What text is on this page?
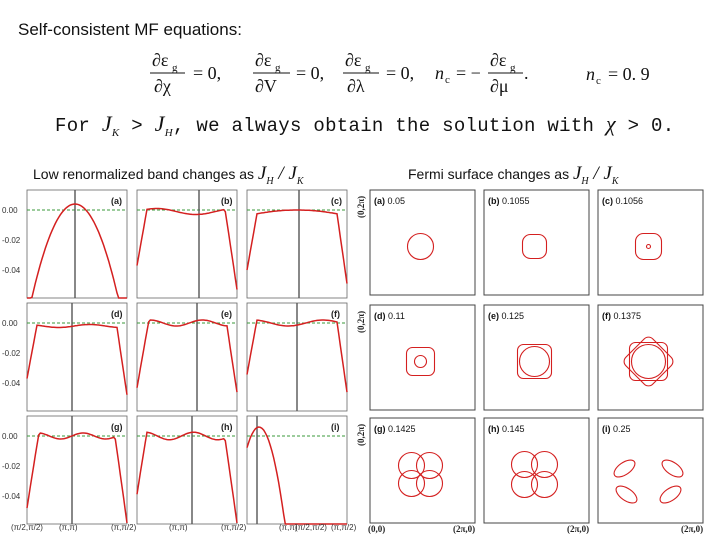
Self-consistent MF equations:
∂ε g
∂χ
= 0,
∂ε g
∂V
= 0,
∂ε g
∂λ
= 0, n c = −
∂ε g
∂μ
.	n c = 0. 9
For $J_K > J_H$, we always obtain the solution with χ > 0.
Low renormalized band changes as $J_H / J_K$	Fermi surface changes as $J_H / J_K$
(a)	(b)	(c)
(d)	(e)	(f)
(g)	(h)	(i)
0.00
-0.02
-0.04
0.00
-0.02
-0.04
0.00
-0.02
-0.04
(π/2,π/2) (π,π)	(π,π/2)	(π,π)	(π,π/2)	(π,π)	(π,π/2)
(π/2,π/2)
(a) 0.05	(b) 0.1055	(c) 0.1056
(d) 0.11	(e) 0.125	(f) 0.1375
(g) 0.1425	(h) 0.145	(i) 0.25
(0,2π)
(0,2π)
(0,2π)
(0,0)	(2π,0)	(2π,0)	(2π,0)
